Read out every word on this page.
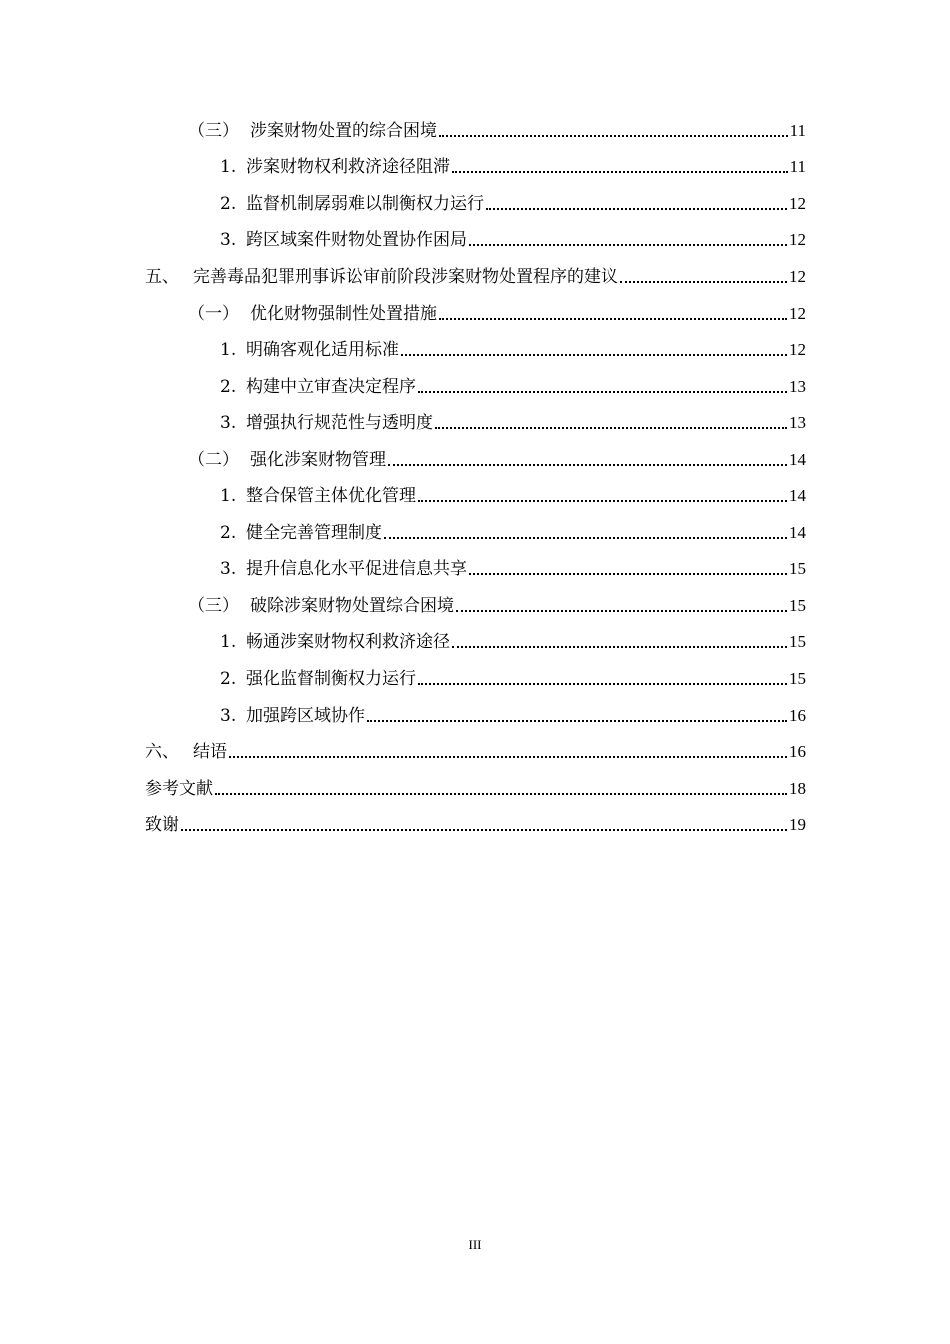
（三） 涉案财物处置的综合困境	11
1. 涉案财物权利救济途径阻滞	11
2. 监督机制孱弱难以制衡权力运行	12
3. 跨区域案件财物处置协作困局	12
五、 完善毒品犯罪刑事诉讼审前阶段涉案财物处置程序的建议	12
（一） 优化财物强制性处置措施	12
1. 明确客观化适用标准	12
2. 构建中立审查决定程序	13
3. 增强执行规范性与透明度	13
（二） 强化涉案财物管理	14
1. 整合保管主体优化管理	14
2. 健全完善管理制度	14
3. 提升信息化水平促进信息共享	15
（三） 破除涉案财物处置综合困境	15
1. 畅通涉案财物权利救济途径	15
2. 强化监督制衡权力运行	15
3. 加强跨区域协作	16
六、 结语	16
参考文献	18
致谢	19
III
